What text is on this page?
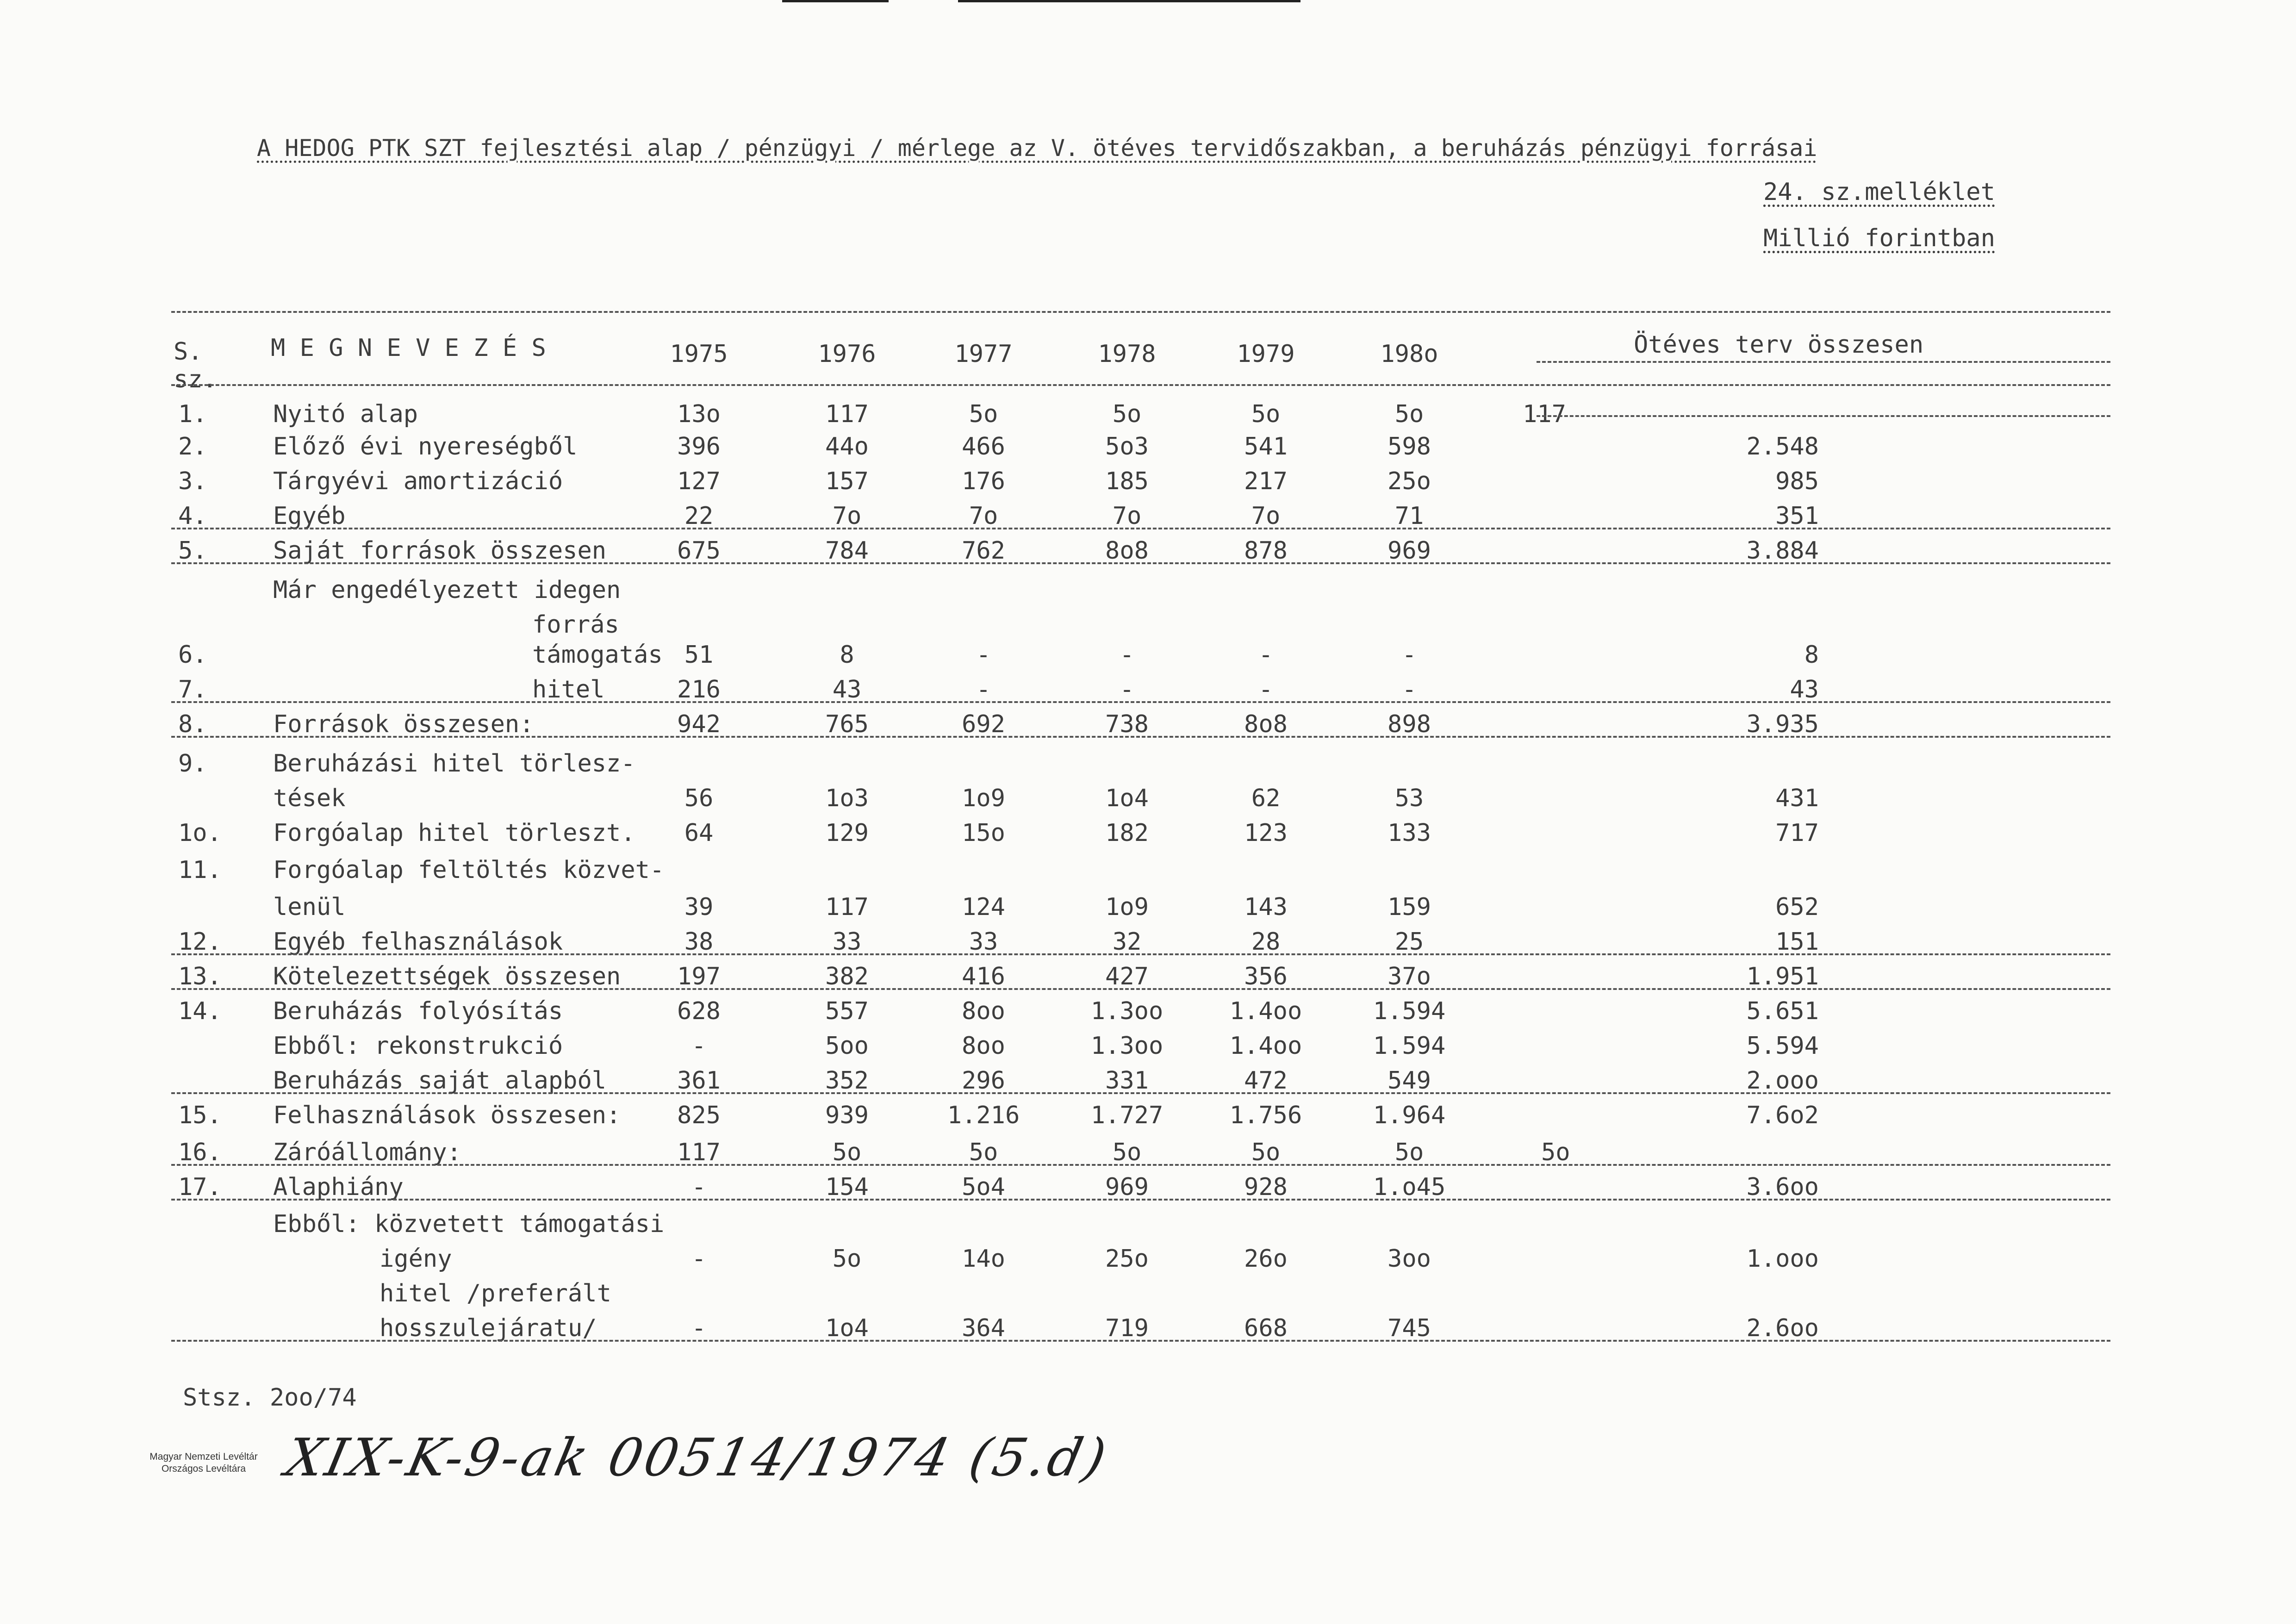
A HEDOG PTK SZT fejlesztési alap / pénzügyi / mérlege az V. ötéves tervidőszakban, a beruházás pénzügyi forrásai
24. sz.melléklet
Millió forintban
S.
sz.
M E G N E V E Z É S	1975	1976	1977	1978	1979	198o	Ötéves terv összesen
1.	Nyitó alap	13o	117	5o	5o	5o	5o	117
2.	Előző évi nyereségből	396	44o	466	5o3	541	598	2.548
3.	Tárgyévi amortizáció	127	157	176	185	217	25o	985
4.	Egyéb	22	7o	7o	7o	7o	71	351
5.	Saját források összesen	675	784	762	8o8	878	969	3.884
Már engedélyezett idegen
forrás
6.	támogatás 51	8	-	-	-	-	8
7.	hitel	216	43	-	-	-	-	43
8.	Források összesen:	942	765	692	738	8o8	898	3.935
9.	Beruházási hitel törlesz-
tések	56	1o3	1o9	1o4	62	53	431
1o. Forgóalap hitel törleszt.	64	129	15o	182	123	133	717
11. Forgóalap feltöltés közvet-
lenül	39	117	124	1o9	143	159	652
12. Egyéb felhasználások	38	33	33	32	28	25	151
13. Kötelezettségek összesen	197	382	416	427	356	37o	1.951
14. Beruházás folyósítás	628	557	8oo	1.3oo	1.4oo	1.594	5.651
Ebből: rekonstrukció	-	5oo	8oo	1.3oo	1.4oo	1.594	5.594
Beruházás saját alapból	361	352	296	331	472	549	2.ooo
15. Felhasználások összesen:	825	939	1.216	1.727	1.756	1.964	7.6o2
16. Záróállomány:	117	5o	5o	5o	5o	5o	5o
17. Alaphiány	-	154	5o4	969	928	1.o45	3.6oo
Ebből: közvetett támogatási
igény	-	5o	14o	25o	26o	3oo	1.ooo
hitel /preferált
hosszulejáratu/	-	1o4	364	719	668	745	2.6oo
Stsz. 2oo/74
Magyar Nemzeti Levéltár
Országos Levéltára XIX-K-9-ak 00514/1974 (5.d)
